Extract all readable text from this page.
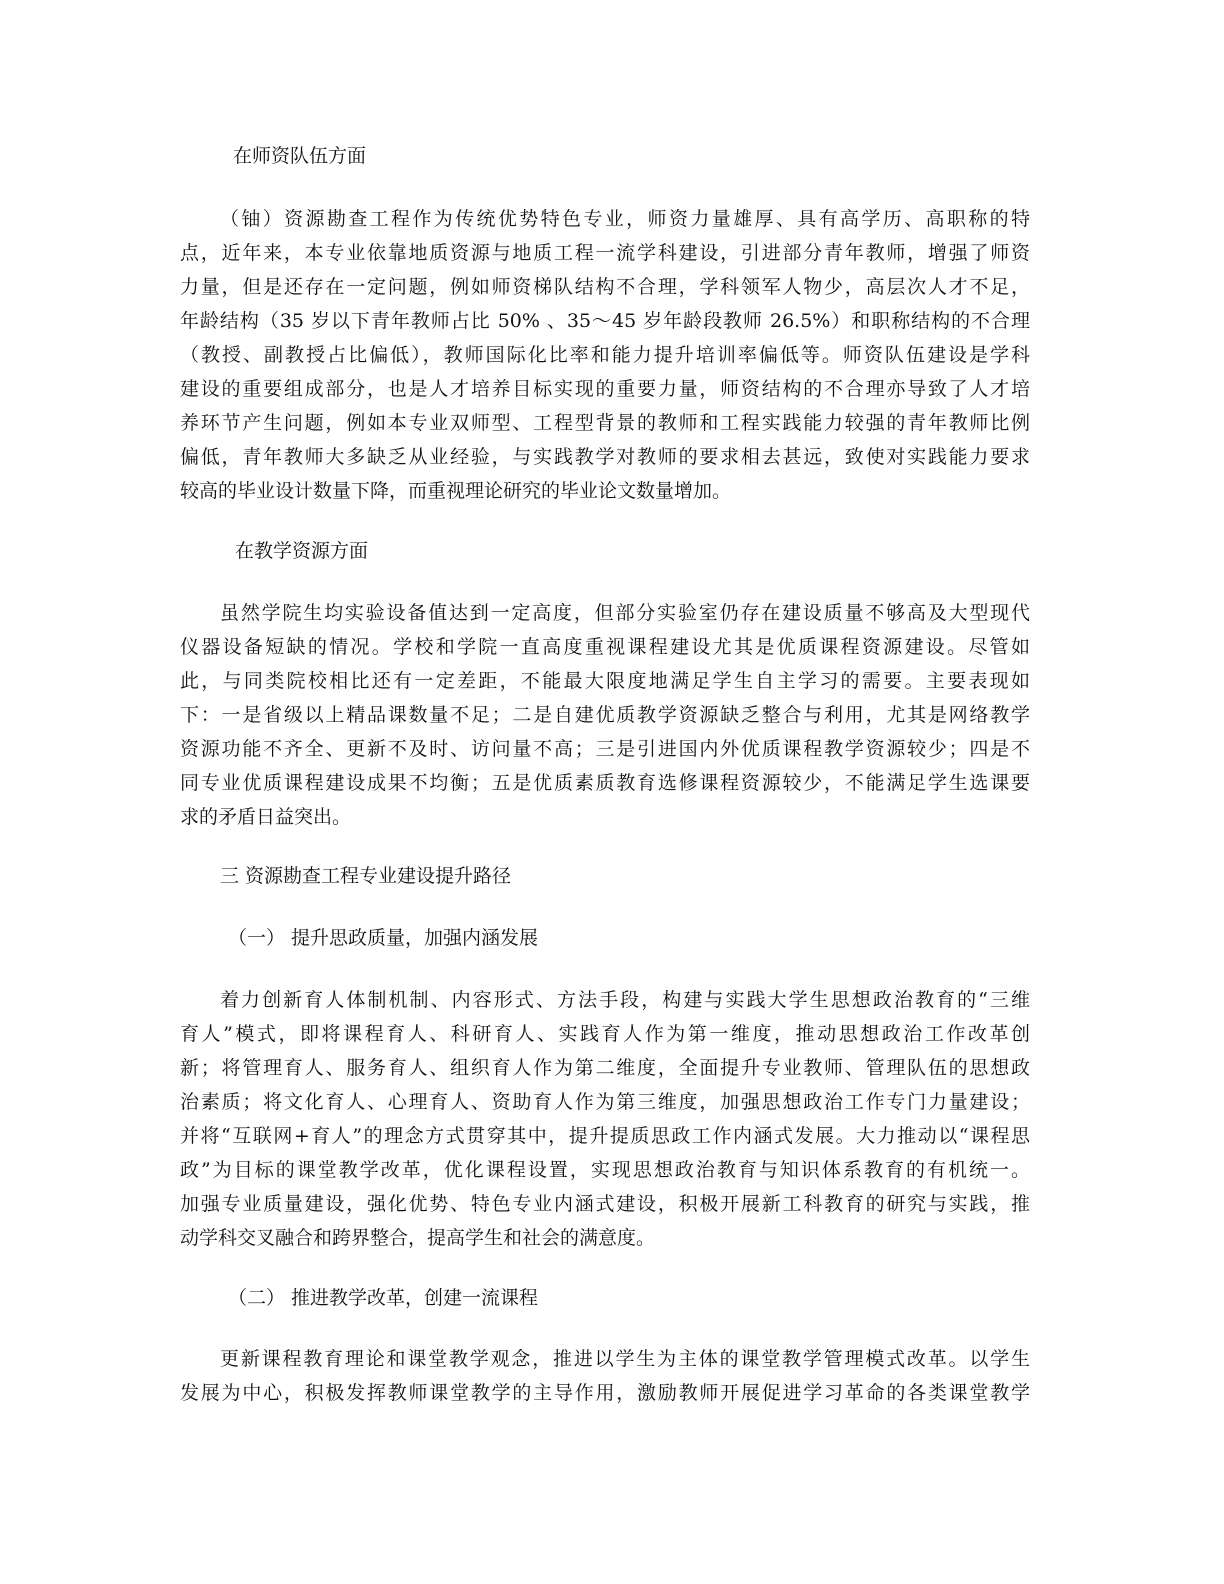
在师资队伍方面
（铀）资源勘查工程作为传统优势特色专业，师资力量雄厚、具有高学历、高职称的特
点，近年来，本专业依靠地质资源与地质工程一流学科建设，引进部分青年教师，增强了师资
力量，但是还存在一定问题，例如师资梯队结构不合理，学科领军人物少，高层次人才不足，
年龄结构（35 岁以下青年教师占比 50% 、35～45 岁年龄段教师 26.5%）和职称结构的不合理
（教授、副教授占比偏低），教师国际化比率和能力提升培训率偏低等。师资队伍建设是学科
建设的重要组成部分，也是人才培养目标实现的重要力量，师资结构的不合理亦导致了人才培
养环节产生问题，例如本专业双师型、工程型背景的教师和工程实践能力较强的青年教师比例
偏低，青年教师大多缺乏从业经验，与实践教学对教师的要求相去甚远，致使对实践能力要求
较高的毕业设计数量下降，而重视理论研究的毕业论文数量增加。
在教学资源方面
虽然学院生均实验设备值达到一定高度，但部分实验室仍存在建设质量不够高及大型现代
仪器设备短缺的情况。学校和学院一直高度重视课程建设尤其是优质课程资源建设。尽管如
此，与同类院校相比还有一定差距，不能最大限度地满足学生自主学习的需要。主要表现如
下：一是省级以上精品课数量不足；二是自建优质教学资源缺乏整合与利用，尤其是网络教学
资源功能不齐全、更新不及时、访问量不高；三是引进国内外优质课程教学资源较少；四是不
同专业优质课程建设成果不均衡；五是优质素质教育选修课程资源较少，不能满足学生选课要
求的矛盾日益突出。
三 资源勘查工程专业建设提升路径
（一） 提升思政质量，加强内涵发展
着力创新育人体制机制、内容形式、方法手段，构建与实践大学生思想政治教育的“三维
育人”模式，即将课程育人、科研育人、实践育人作为第一维度，推动思想政治工作改革创
新；将管理育人、服务育人、组织育人作为第二维度，全面提升专业教师、管理队伍的思想政
治素质；将文化育人、心理育人、资助育人作为第三维度，加强思想政治工作专门力量建设；
并将“互联网+育人”的理念方式贯穿其中，提升提质思政工作内涵式发展。大力推动以“课程思
政”为目标的课堂教学改革，优化课程设置，实现思想政治教育与知识体系教育的有机统一。
加强专业质量建设，强化优势、特色专业内涵式建设，积极开展新工科教育的研究与实践，推
动学科交叉融合和跨界整合，提高学生和社会的满意度。
（二） 推进教学改革，创建一流课程
更新课程教育理论和课堂教学观念，推进以学生为主体的课堂教学管理模式改革。以学生
发展为中心，积极发挥教师课堂教学的主导作用，激励教师开展促进学习革命的各类课堂教学
